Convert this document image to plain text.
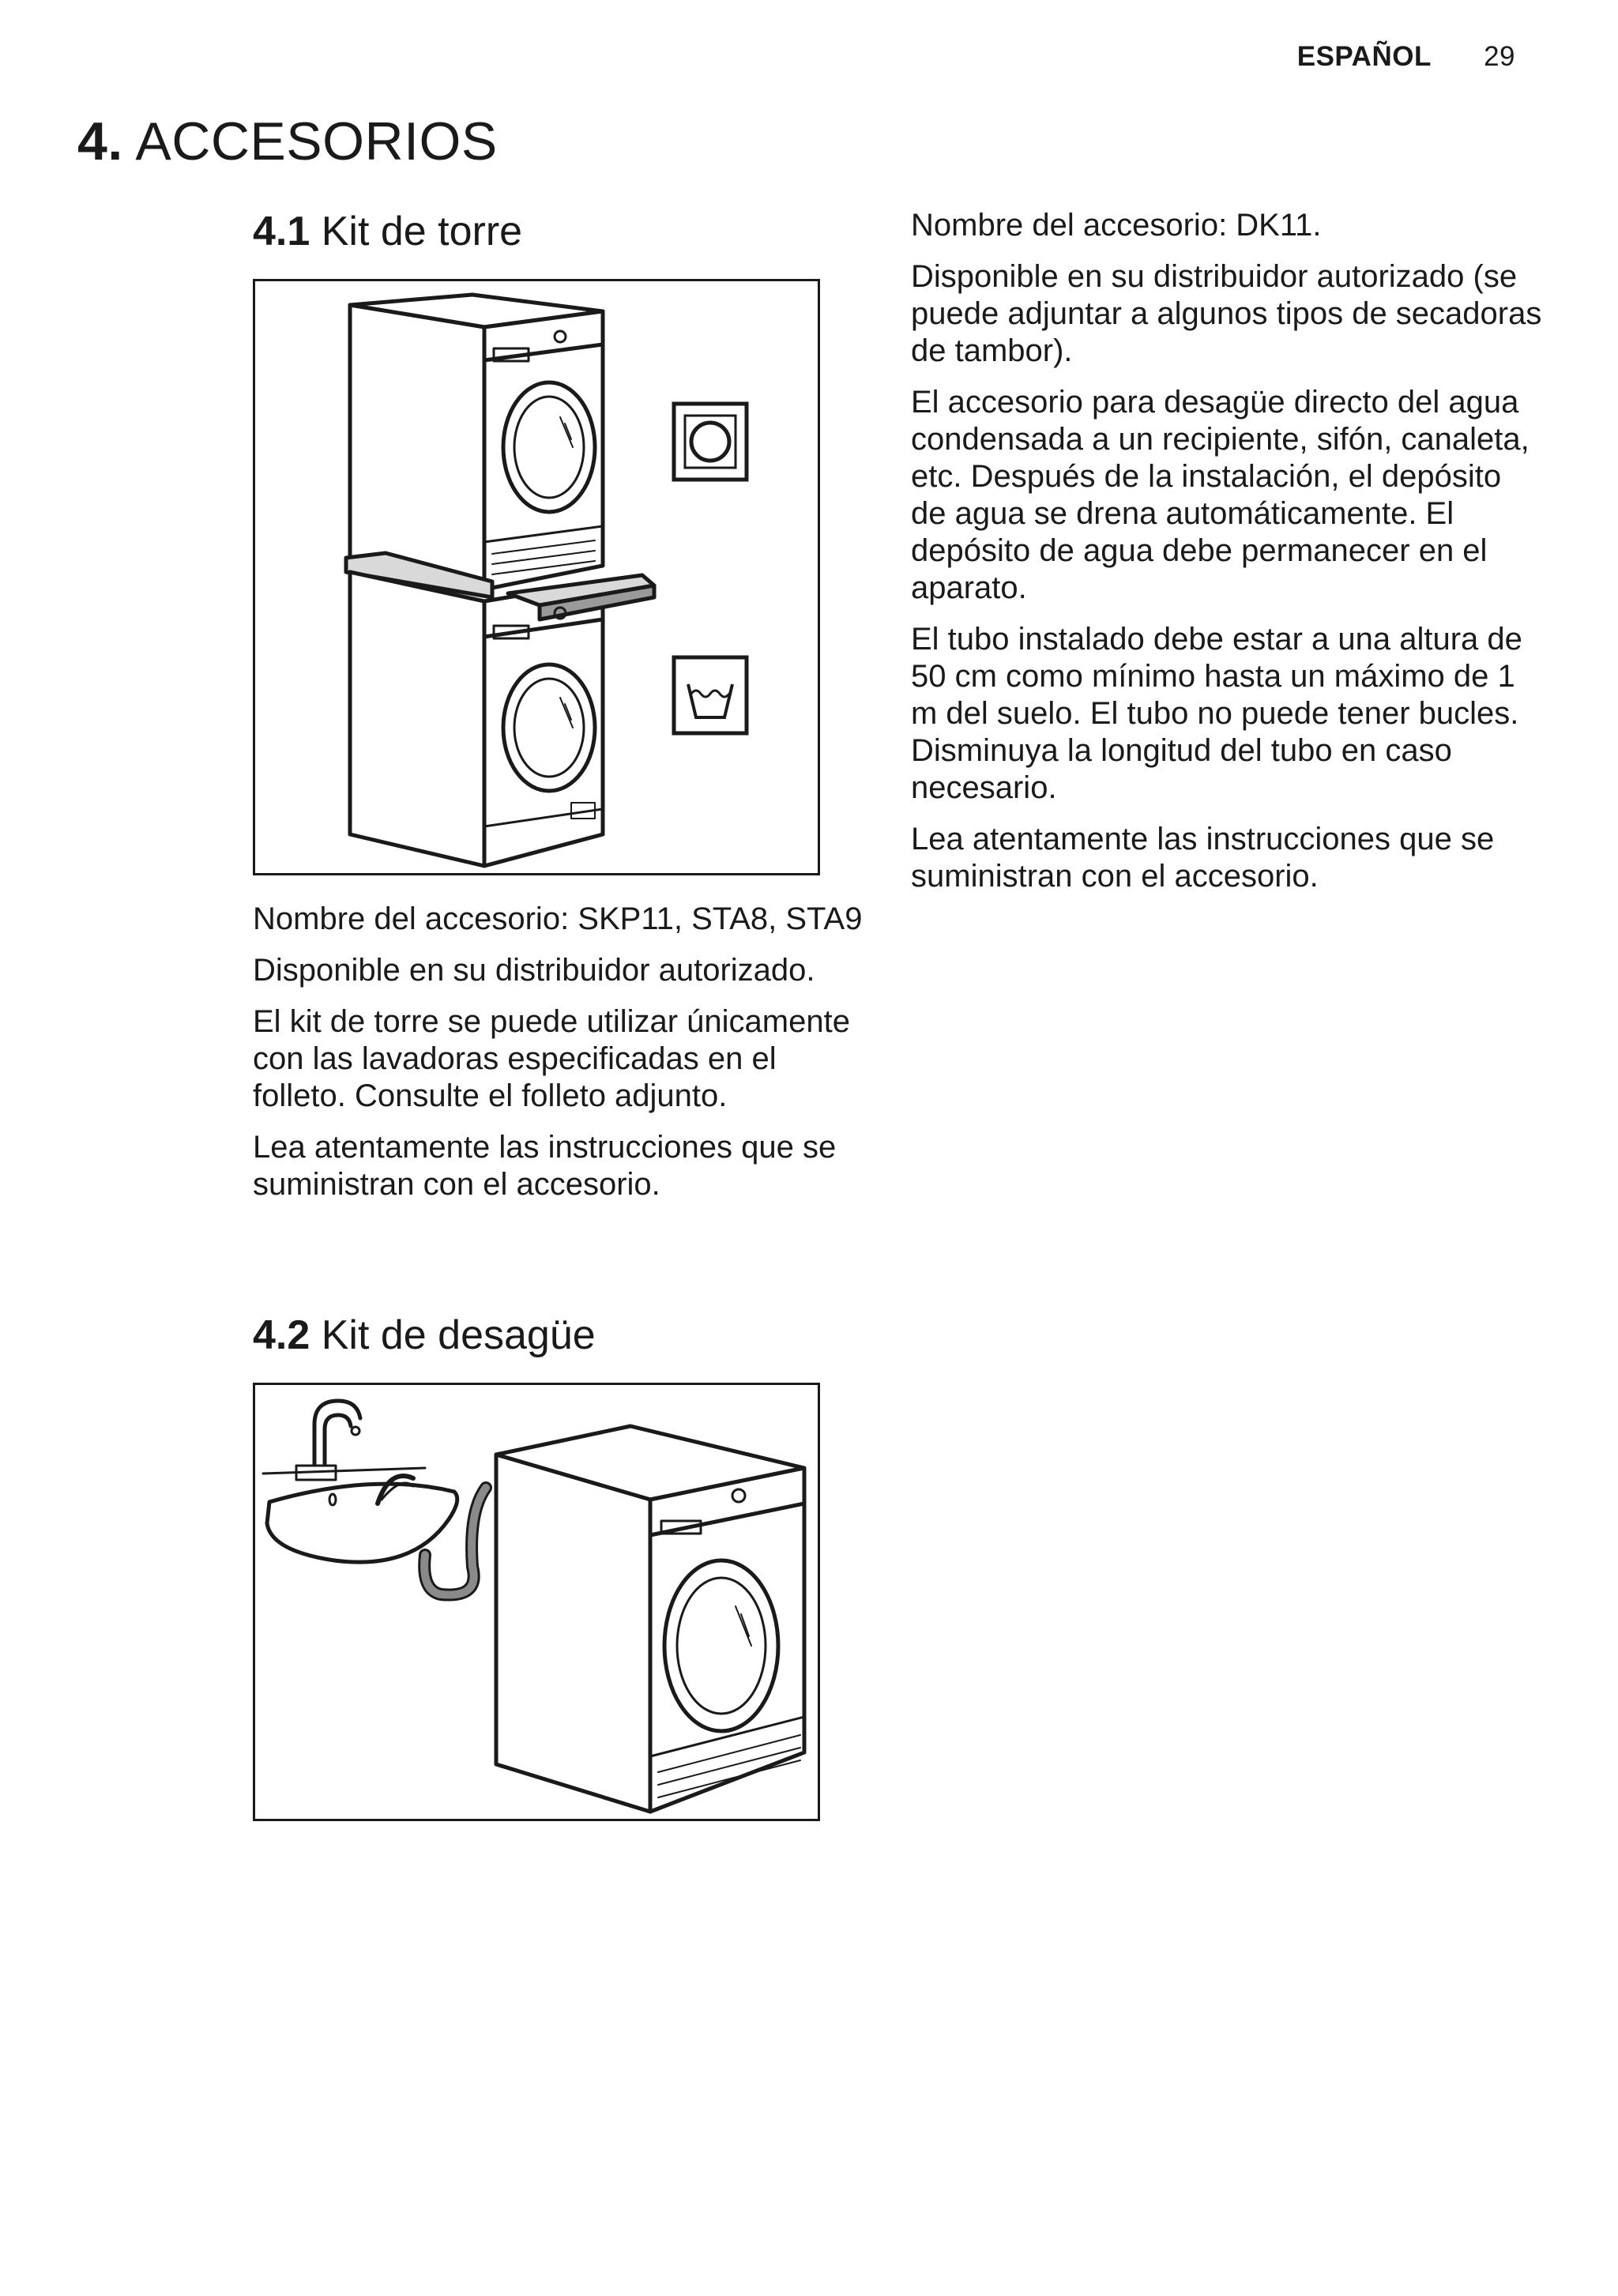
ESPAÑOL 29
4. ACCESORIOS
4.1 Kit de torre

Nombre del accesorio: SKP11, STA8, STA9

Disponible en su distribuidor autorizado.

El kit de torre se puede utilizar únicamente con las lavadoras especificadas en el folleto. Consulte el folleto adjunto.

Lea atentamente las instrucciones que se suministran con el accesorio.

4.2 Kit de desagüe

Nombre del accesorio: DK11.

Disponible en su distribuidor autorizado (se puede adjuntar a algunos tipos de secadoras de tambor).

El accesorio para desagüe directo del agua condensada a un recipiente, sifón, canaleta, etc. Después de la instalación, el depósito de agua se drena automáticamente. El depósito de agua debe permanecer en el aparato.

El tubo instalado debe estar a una altura de 50 cm como mínimo hasta un máximo de 1 m del suelo. El tubo no puede tener bucles. Disminuya la longitud del tubo en caso necesario.

Lea atentamente las instrucciones que se suministran con el accesorio.
